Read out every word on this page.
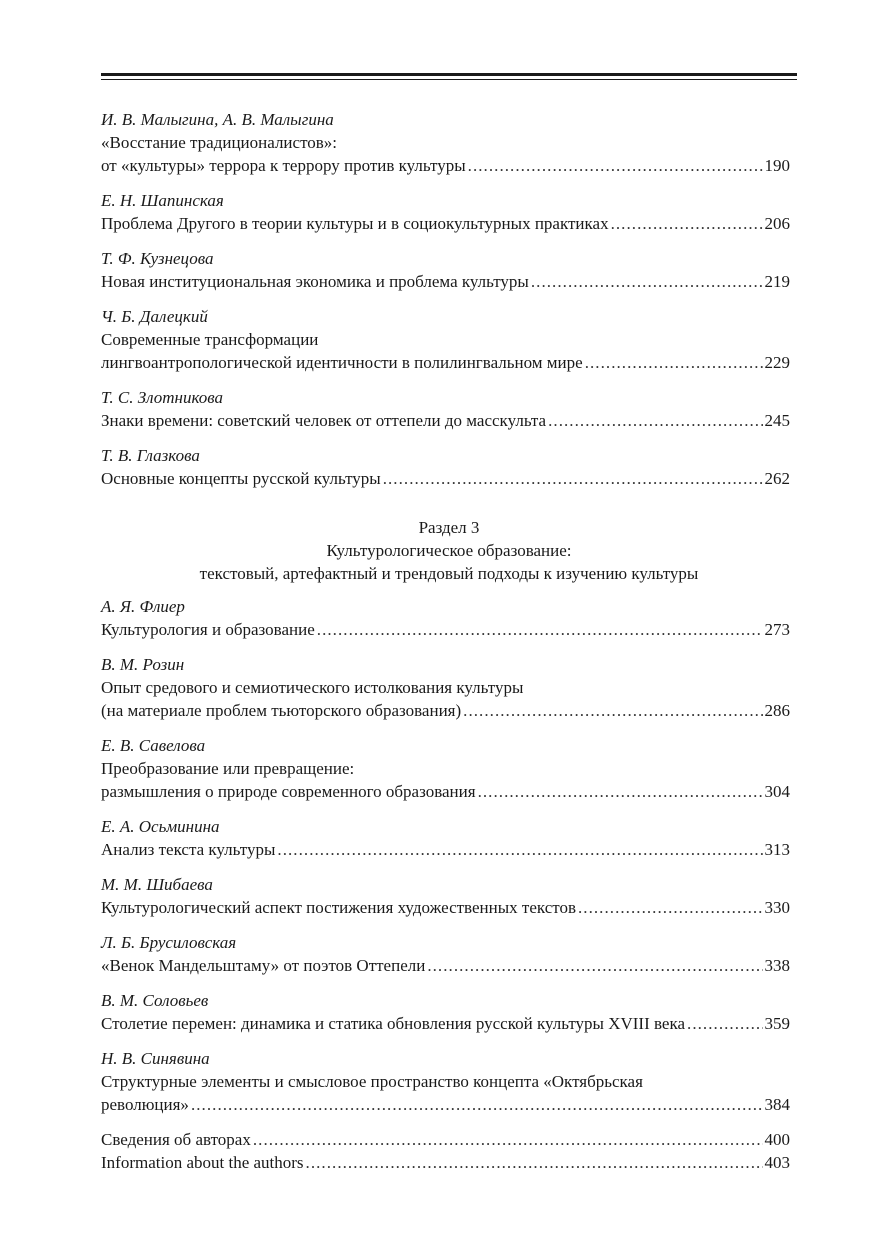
И. В. Малыгина, А. В. Малыгина
«Восстание традиционалистов»:
от «культуры» террора к террору против культуры . . .	190
Е. Н. Шапинская
Проблема Другого в теории культуры и в социокультурных практиках . . .	206
Т. Ф. Кузнецова
Новая институциональная экономика и проблема культуры . . .	219
Ч. Б. Далецкий
Современные трансформации
лингвоантропологической идентичности в полилингвальном мире . . .	229
Т. С. Злотникова
Знаки времени: советский человек от оттепели до масскульта . . .	245
Т. В. Глазкова
Основные концепты русской культуры . . .	262
Раздел 3
Культурологическое образование:
текстовый, артефактный и трендовый подходы к изучению культуры
А. Я. Флиер
Культурология и образование . . .	273
В. М. Розин
Опыт средового и семиотического истолкования культуры
(на материале проблем тьюторского образования) . . .	286
Е. В. Савелова
Преобразование или превращение:
размышления о природе современного образования . . .	304
Е. А. Осьминина
Анализ текста культуры . . .	313
М. М. Шибаева
Культурологический аспект постижения художественных текстов . . .	330
Л. Б. Брусиловская
«Венок Мандельштаму» от поэтов Оттепели . . .	338
В. М. Соловьев
Столетие перемен: динамика и статика обновления русской культуры XVIII века . . .	359
Н. В. Синявина
Структурные элементы и смысловое пространство концепта «Октябрьская
революция» . . .	384
Сведения об авторах . . .	400
Information about the authors . . .	403
